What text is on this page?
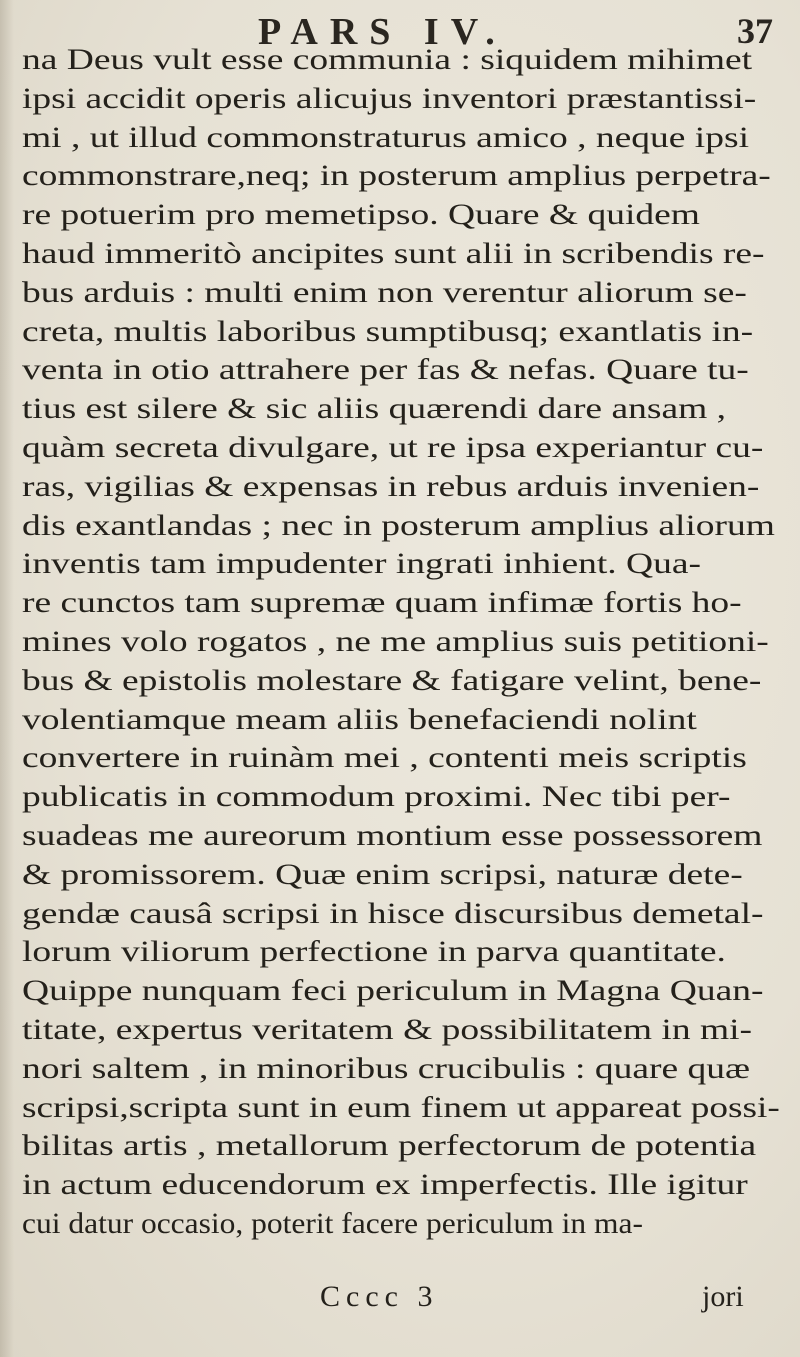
PARS IV.	37
na Deus vult esse communia : siquidem mihimet
ipsi accidit operis alicujus inventori præstantissi-
mi , ut illud commonstraturus amico , neque ipsi
commonstrare,neq; in posterum amplius perpetra-
re potuerim pro memetipso. Quare & quidem
haud immeritò ancipites sunt alii in scribendis re-
bus arduis : multi enim non verentur aliorum se-
creta, multis laboribus sumptibusq; exantlatis in-
venta in otio attrahere per fas & nefas. Quare tu-
tius est silere & sic aliis quærendi dare ansam ,
quàm secreta divulgare, ut re ipsa experiantur cu-
ras, vigilias & expensas in rebus arduis invenien-
dis exantlandas ; nec in posterum amplius aliorum
inventis tam impudenter ingrati inhient. Qua-
re cunctos tam supremæ quam infimæ fortis ho-
mines volo rogatos , ne me amplius suis petitioni-
bus & epistolis molestare & fatigare velint, bene-
volentiamque meam aliis benefaciendi nolint
convertere in ruinàm mei , contenti meis scriptis
publicatis in commodum proximi. Nec tibi per-
suadeas me aureorum montium esse possessorem
& promissorem. Quæ enim scripsi, naturæ dete-
gendæ causâ scripsi in hisce discursibus demetal-
lorum viliorum perfectione in parva quantitate.
Quippe nunquam feci periculum in Magna Quan-
titate, expertus veritatem & possibilitatem in mi-
nori saltem , in minoribus crucibulis : quare quæ
scripsi,scripta sunt in eum finem ut appareat possi-
bilitas artis , metallorum perfectorum de potentia
in actum educendorum ex imperfectis. Ille igitur
cui datur occasio, poterit facere periculum in ma-
Cccc 3	jori
